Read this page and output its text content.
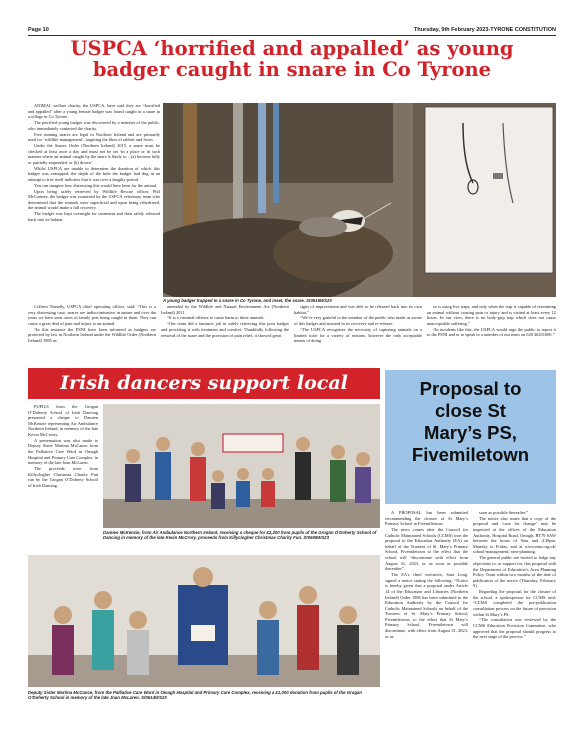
Page 10	Thursday, 9th February 2023-TYRONE CONSTITUTION
USPCA ‘horrified and appalled’ as young
badger caught in snare in Co Tyrone

ANIMAL welfare charity, the USPCA, have said they are “horrified and appalled” after a young female badger was found caught in a snare in a village in Co Tyrone.

The petrified young badger was discovered by a member of the public, who immediately contacted the charity.

Free running snares are legal in Northern Ireland and are primarily used for ‘wildlife management’, targeting the likes of rabbits and foxes.

Under the Snares Order (Northern Ireland) 2015, a snare must be checked at least once a day and must not be set ‘in a place or in such manner where an animal caught by the snare is likely to – (a) become fully or partially suspended, or (b) drown’.

Whilst USPCA are unable to determine the duration of which this badger was entrapped, the depth of the hole the badger had dug in an attempt to free itself indicates that it was over a lengthy period.

You can imagine how distressing this would have been for the animal.

Upon being safely retrieved by Wildlife Rescue officer, Phil McCartney, the badger was examined by the USPCA veterinary team who determined that the wounds were superficial and upon being rehydrated, the animal would make a full recovery.

The badger was kept overnight for treatment and then safely released back into its habitat.

A young badger trapped in a snare in Co Tyrone, and inset, the snare. St0615WS23

Colleen Tinnelly, USPCA chief operating officer, said: “This is a very distressing case, snares are indiscriminative in nature and over the years we have seen cases of family pets being caught in them. They can cause a great deal of pain and injury to an animal.

“In this instance the PSNI have been informed as badgers are protected by law in Northern Ireland under the Wildlife Order (Northern Ireland) 1985 as

amended by the Wildlife and Natural Environment Act (Northern Ireland) 2011.

“It is a criminal offence to cause harm to these animals.

“Our team did a fantastic job in safely retrieving this poor badger and providing it with treatment and comfort. Thankfully following the removal of the snare and the provision of pain relief, it showed great

signs of improvement and was able to be released back into its own habitat.”

“We’re very grateful to the member of the public who made us aware of this badger and assisted in its recovery and re-release.

“The USPCA recognises the necessity of capturing animals on a limited scale for a variety of reasons, however the only acceptable means of doing

so is using live traps, and only when the trap is capable of restraining an animal without causing pain or injury and is visited at least every 12 hours. In our view, there is no body-grip trap which does not cause unacceptable suffering.”

“In incidents like this, the USPCA would urge the public to report it to the PSNI and or to speak to a member of our team on 028 30251000.”

Irish dancers support local

PUPILS from the Grogan O’Doherty School of Irish Dancing presented a cheque to Damien McKenzie representing Air Ambulance Northern Ireland, in memory of the late Kevin McCreery.

A presentation was also made to Deputy Sister Martina McCance from the Palliative Care Ward in Omagh Hospital and Primary Care Complex, in memory of the late Joan McLaren.

The proceeds were from Killyclogher Christmas Charity Fun run by the Grogan O’Doherty School of Irish Dancing.

Damien McKenzie, from Air Ambulance Northern Ireland, receiving a cheque for £2,200 from pupils of the Grogan O’Doherty School of Dancing in memory of the late Kevin McCrory, proceeds from Killyclogher Christmas Charity Fun. St0606WS23
Deputy Sister Martina McCance, from the Palliative Care Ward in Omagh Hospital and Primary Care Complex, receiving a £1,000 donation from pupils of the Grogan O’Doherty School in memory of the late Joan McLaren. St0614WS23
Proposal to
close St
Mary’s PS,
Fivemiletown

A PROPOSAL has been submitted recommending the closure of St Mary’s Primary School in Fivemiletown.

The news comes after the Council for Catholic Maintained Schools (CCMS) won the proposal to the Education Authority (EA) on behalf of the Trustees of St. Mary’s Primary School, Fivemiletown to the effect that the school will “discontinue with effect from August 31, 2023, or as soon as possible thereafter”.

The EA’s chief executive, Sara Long, signed a notice stating the following: “Notice is hereby given that a proposal under Article 14 of the Education and Libraries (Northern Ireland) Order 1986 has been submitted to the Education Authority by the Council for Catholic Maintained Schools on behalf of the Trustees of St. Mary’s Primary School, Fivemiletown, to the effect that St Mary’s Primary School, Fivemiletown will discontinue, with effect from August 31, 2023, or as

soon as possible thereafter.”

The notice also states that a copy of the proposal and ‘case for change’ may be inspected at the offices of the Education Authority, Hospital Road, Omagh, BT79 0AW between the hours of 9am and 4.30pm, Monday to Friday, and at www.eani.org.uk/ school-management/ area-planning.

The general public are invited to lodge any objections to, or support for, this proposal with the Department of Education’s Area Planning Policy Team within two months of the date of publication of the notice (Thursday, February 9).

Regarding the proposal for the closure of the school, a spokesperson for CCMS said: “CCMS completed the pre-publication consultation process on the future of provision within St Mary’s PS.

“The consultation was reviewed by the CCMS Education Provision Committee, who approved that the proposal should progress to the next stage of the process.”
